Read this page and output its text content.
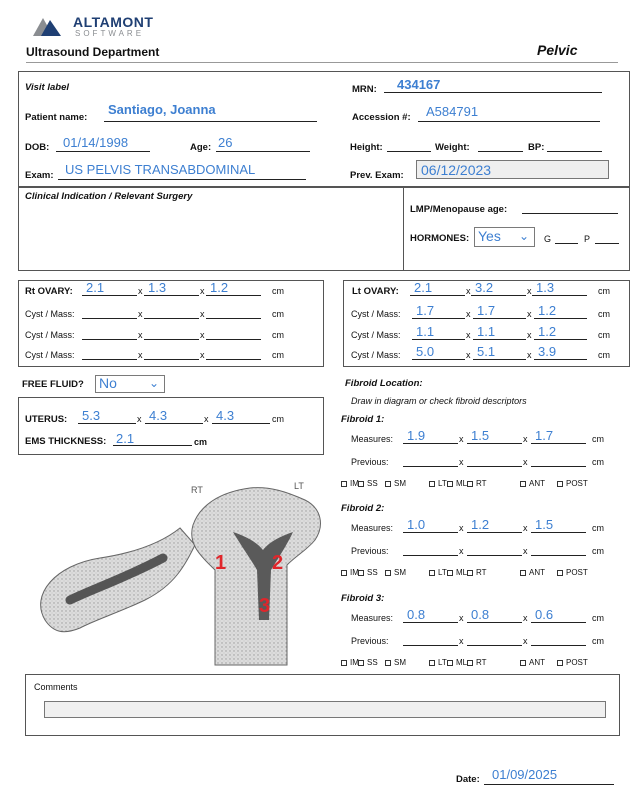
ALTAMONT
SOFTWARE
Ultrasound Department	Pelvic
Visit label	MRN: 434167
Patient name:
Santiago, Joanna
Accession #: A584791
DOB: 01/14/1998	Age: 26	Height:	Weight:	BP:
Exam: US PELVIS TRANSABDOMINAL	Prev. Exam: 06/12/2023
Clinical Indication / Relevant Surgery
LMP/Menopause age:
HORMONES: Yes ⌄ G	P
Rt OVARY: 2.1	x 1.3	x 1.2	cm
Cyst / Mass:	x	x	cm
Cyst / Mass:	x	x	cm
Cyst / Mass:	x	x	cm
Lt OVARY: 2.1	x 3.2	x 1.3	cm
Cyst / Mass: 1.7	x 1.7	x 1.2	cm
Cyst / Mass: 1.1	x 1.1	x 1.2	cm
Cyst / Mass: 5.0	x 5.1	x 3.9	cm
FREE FLUID? No	⌄
UTERUS: 5.3	x 4.3	x 4.3	cm
EMS THICKNESS: 2.1	cm
RT	LT
1 2
3
Fibroid Location:
Draw in diagram or check fibroid descriptors
Fibroid 1:
Measures: 1.9	x 1.5	x 1.7	cm
Previous:	x	x	cm
IM	SS	SM	LT	ML	RT	ANT	POST
Fibroid 2:
Measures: 1.0	x 1.2	x 1.5	cm
Previous:	x	x	cm
IM	SS	SM	LT	ML	RT	ANT	POST
Fibroid 3:
Measures: 0.8	x 0.8	x 0.6	cm
Previous:	x	x	cm
IM	SS	SM	LT	ML	RT	ANT	POST
Comments
Date: 01/09/2025
